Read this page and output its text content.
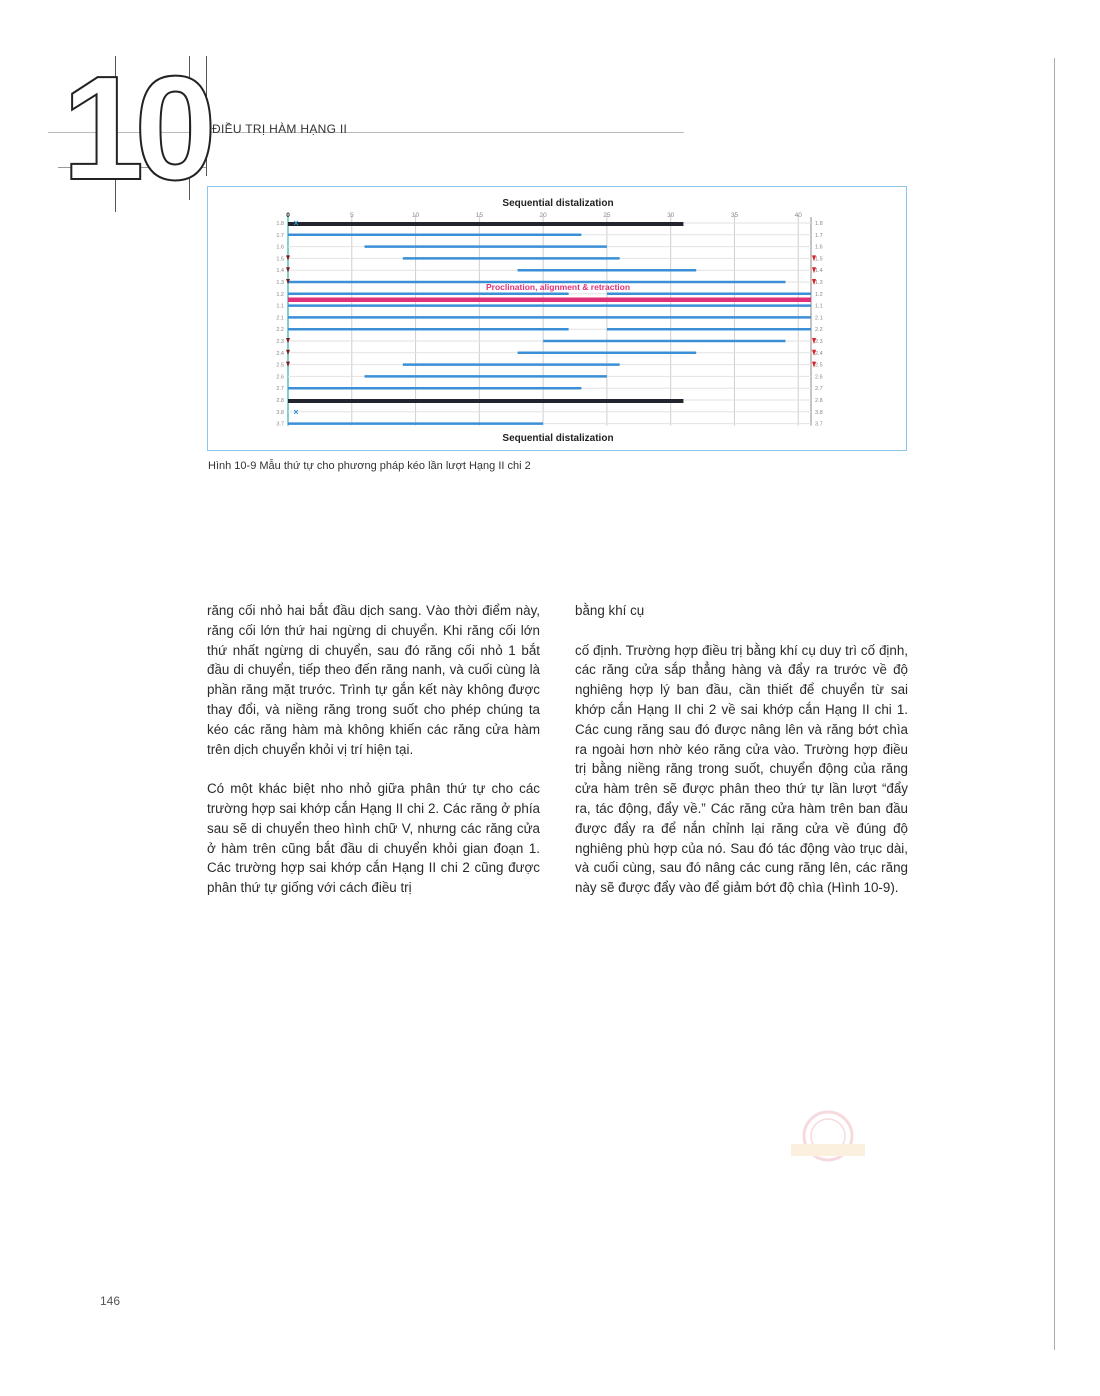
10 ĐIỀU TRỊ HÀM HẠNG II
Sequential distalization
Sequential distalization
0	5	10	15	20	25	30	35	40
1.8	1.8
1.7	1.7
1.6	1.6
1.5	1.5
1.4	1.4
1.3	1.3
1.2	1.2
1.1	1.1
2.1	2.1
2.2	2.2
2.3	2.3
2.4	2.4
2.5	2.5
2.6	2.6
2.7	2.7
2.8	2.8
3.8	3.8
3.7	3.7
Proclination, alignment & retraction
×
×
Hình 10-9 Mẫu thứ tự cho phương pháp kéo lần lượt Hạng II chi 2

răng cối nhỏ hai bắt đầu dịch sang. Vào thời điểm này, răng cối lớn thứ hai ngừng di chuyển. Khi răng cối lớn thứ nhất ngừng di chuyển, sau đó răng cối nhỏ 1 bắt đầu di chuyển, tiếp theo đến răng nanh, và cuối cùng là phần răng mặt trước. Trình tự gắn kết này không được thay đổi, và niềng răng trong suốt cho phép chúng ta kéo các răng hàm mà không khiến các răng cửa hàm trên dịch chuyển khỏi vị trí hiện tại.

Có một khác biệt nho nhỏ giữa phân thứ tự cho các trường hợp sai khớp cắn Hạng II chi 2. Các răng ở phía sau sẽ di chuyển theo hình chữ V, nhưng các răng cửa ở hàm trên cũng bắt đầu di chuyển khỏi gian đoạn 1. Các trường hợp sai khớp cắn Hạng II chi 2 cũng được phân thứ tự giống với cách điều trị

bằng khí cụ

cố định. Trường hợp điều trị bằng khí cụ duy trì cố định, các răng cửa sắp thẳng hàng và đẩy ra trước về độ nghiêng hợp lý ban đầu, cần thiết để chuyển từ sai khớp cắn Hạng II chi 2 về sai khớp cắn Hạng II chi 1. Các cung răng sau đó được nâng lên và răng bớt chìa ra ngoài hơn nhờ kéo răng cửa vào. Trường hợp điều trị bằng niềng răng trong suốt, chuyển động của răng cửa hàm trên sẽ được phân theo thứ tự lần lượt “đẩy ra, tác động, đẩy về.” Các răng cửa hàm trên ban đầu được đẩy ra để nắn chỉnh lại răng cửa về đúng độ nghiêng phù hợp của nó. Sau đó tác động vào trục dài, và cuối cùng, sau đó nâng các cung răng lên, các răng này sẽ được đẩy vào để giảm bớt độ chìa (Hình 10-9).

146
